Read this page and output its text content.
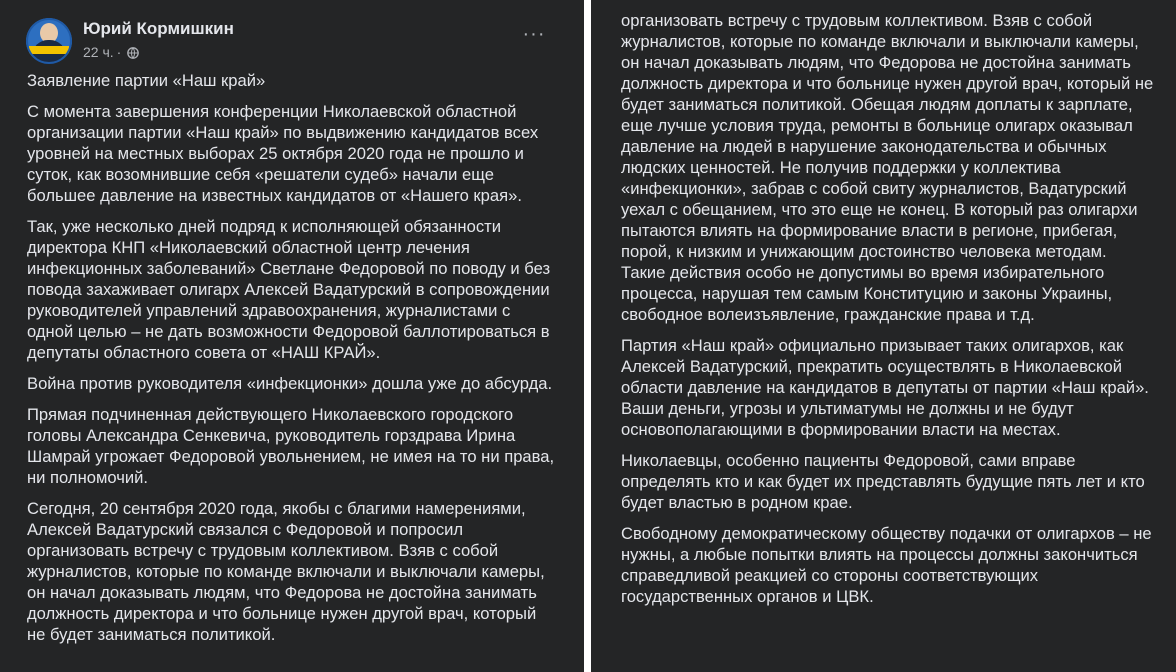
Юрий Кормишкин
22 ч. ·
···

Заявление партии «Наш край»

С момента завершения конференции Николаевской областной организации партии «Наш край» по выдвижению кандидатов всех уровней на местных выборах 25 октября 2020 года не прошло и суток, как возомнившие себя «решатели судеб» начали еще большее давление на известных кандидатов от «Нашего края».

Так, уже несколько дней подряд к исполняющей обязанности директора КНП «Николаевский областной центр лечения инфекционных заболеваний» Светлане Федоровой по поводу и без повода захаживает олигарх Алексей Вадатурский в сопровождении руководителей управлений здравоохранения, журналистами с одной целью – не дать возможности Федоровой баллотироваться в депутаты областного совета от «НАШ КРАЙ».

Война против руководителя «инфекционки» дошла уже до абсурда.

Прямая подчиненная действующего Николаевского городского головы Александра Сенкевича, руководитель горздрава Ирина Шамрай угрожает Федоровой увольнением, не имея на то ни права, ни полномочий.

Сегодня, 20 сентября 2020 года, якобы с благими намерениями, Алексей Вадатурский связался с Федоровой и попросил организовать встречу с трудовым коллективом. Взяв с собой журналистов, которые по команде включали и выключали камеры, он начал доказывать людям, что Федорова не достойна занимать должность директора и что больнице нужен другой врач, который не будет заниматься политикой.

организовать встречу с трудовым коллективом. Взяв с собой журналистов, которые по команде включали и выключали камеры, он начал доказывать людям, что Федорова не достойна занимать должность директора и что больнице нужен другой врач, который не будет заниматься политикой. Обещая людям доплаты к зарплате, еще лучше условия труда, ремонты в больнице олигарх оказывал давление на людей в нарушение законодательства и обычных людских ценностей. Не получив поддержки у коллектива «инфекционки», забрав с собой свиту журналистов, Вадатурский уехал с обещанием, что это еще не конец. В который раз олигархи пытаются влиять на формирование власти в регионе, прибегая, порой, к низким и унижающим достоинство человека методам. Такие действия особо не допустимы во время избирательного процесса, нарушая тем самым Конституцию и законы Украины, свободное волеизъявление, гражданские права и т.д.

Партия «Наш край» официально призывает таких олигархов, как Алексей Вадатурский, прекратить осуществлять в Николаевской области давление на кандидатов в депутаты от партии «Наш край». Ваши деньги, угрозы и ультиматумы не должны и не будут основополагающими в формировании власти на местах.

Николаевцы, особенно пациенты Федоровой, сами вправе определять кто и как будет их представлять будущие пять лет и кто будет властью в родном крае.

Свободному демократическому обществу подачки от олигархов – не нужны, а любые попытки влиять на процессы должны закончиться справедливой реакцией со стороны соответствующих государственных органов и ЦВК.
